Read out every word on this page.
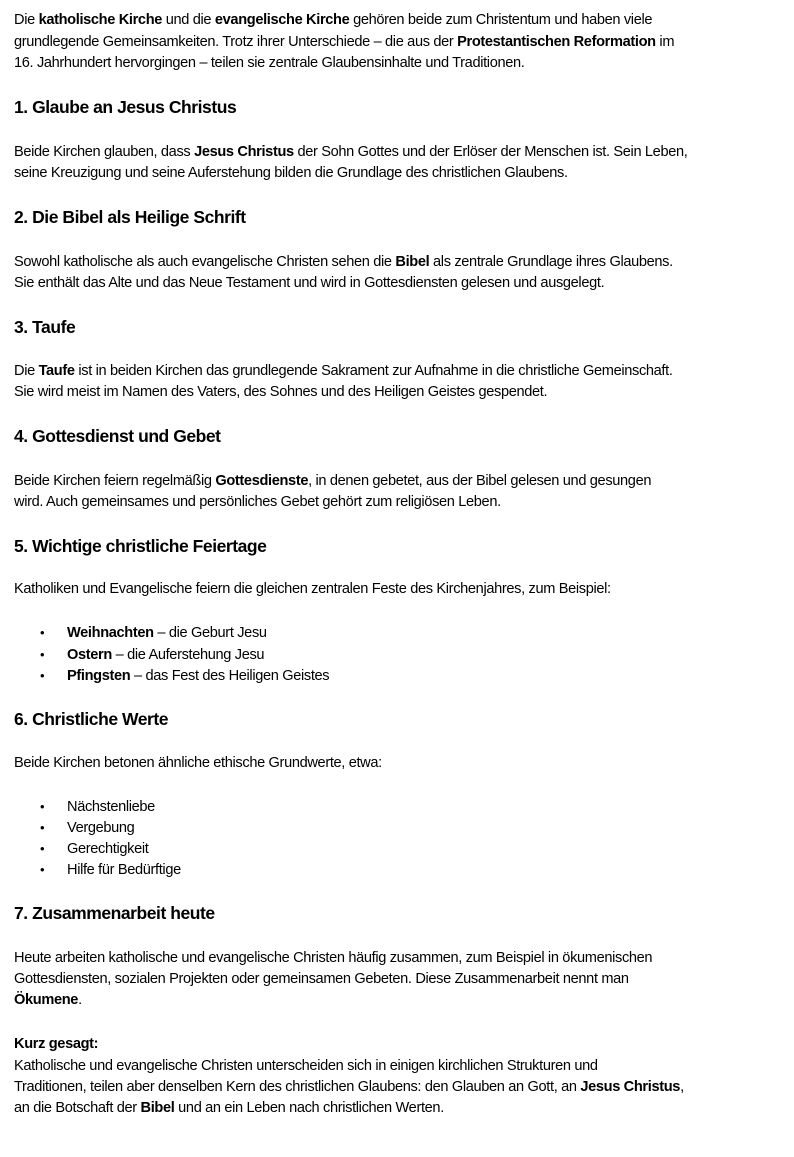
Die katholische Kirche und die evangelische Kirche gehören beide zum Christentum und haben viele
grundlegende Gemeinsamkeiten. Trotz ihrer Unterschiede – die aus der Protestantischen Reformation im
16. Jahrhundert hervorgingen – teilen sie zentrale Glaubensinhalte und Traditionen.
1. Glaube an Jesus Christus
Beide Kirchen glauben, dass Jesus Christus der Sohn Gottes und der Erlöser der Menschen ist. Sein Leben,
seine Kreuzigung und seine Auferstehung bilden die Grundlage des christlichen Glaubens.
2. Die Bibel als Heilige Schrift
Sowohl katholische als auch evangelische Christen sehen die Bibel als zentrale Grundlage ihres Glaubens.
Sie enthält das Alte und das Neue Testament und wird in Gottesdiensten gelesen und ausgelegt.
3. Taufe
Die Taufe ist in beiden Kirchen das grundlegende Sakrament zur Aufnahme in die christliche Gemeinschaft.
Sie wird meist im Namen des Vaters, des Sohnes und des Heiligen Geistes gespendet.
4. Gottesdienst und Gebet
Beide Kirchen feiern regelmäßig Gottesdienste, in denen gebetet, aus der Bibel gelesen und gesungen
wird. Auch gemeinsames und persönliches Gebet gehört zum religiösen Leben.
5. Wichtige christliche Feiertage
Katholiken und Evangelische feiern die gleichen zentralen Feste des Kirchenjahres, zum Beispiel:
• Weihnachten – die Geburt Jesu
• Ostern – die Auferstehung Jesu
• Pfingsten – das Fest des Heiligen Geistes
6. Christliche Werte
Beide Kirchen betonen ähnliche ethische Grundwerte, etwa:
• Nächstenliebe
• Vergebung
• Gerechtigkeit
• Hilfe für Bedürftige
7. Zusammenarbeit heute
Heute arbeiten katholische und evangelische Christen häufig zusammen, zum Beispiel in ökumenischen
Gottesdiensten, sozialen Projekten oder gemeinsamen Gebeten. Diese Zusammenarbeit nennt man
Ökumene.
Kurz gesagt:
Katholische und evangelische Christen unterscheiden sich in einigen kirchlichen Strukturen und
Traditionen, teilen aber denselben Kern des christlichen Glaubens: den Glauben an Gott, an Jesus Christus,
an die Botschaft der Bibel und an ein Leben nach christlichen Werten.
